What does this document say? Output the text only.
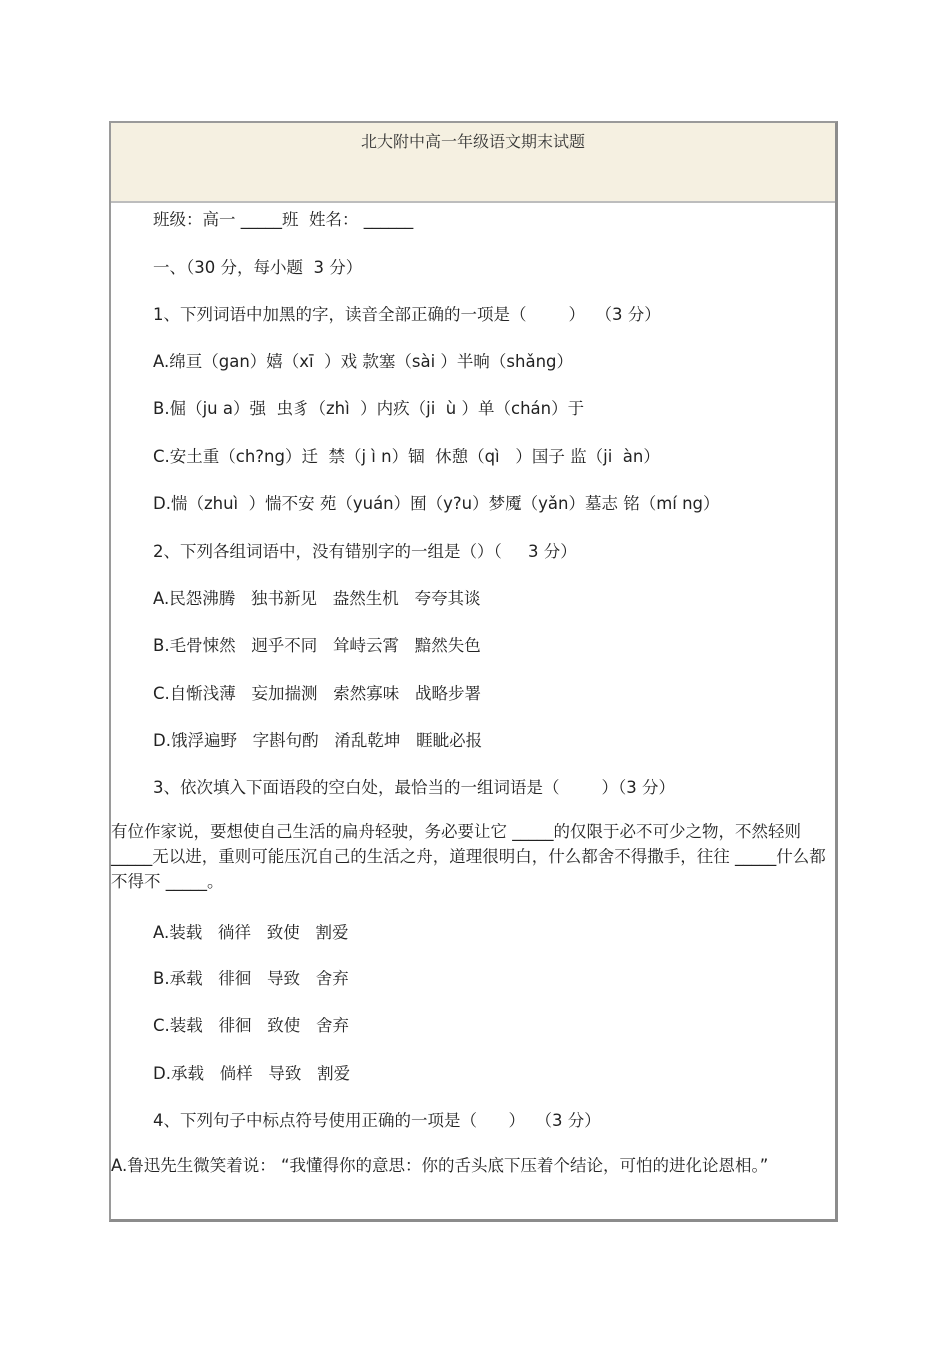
北大附中高一年级语文期末试题
班级：高一 _____班  姓名： ______
一、（30 分，每小题  3 分）
1、下列词语中加黑的字，读音全部正确的一项是（        ）  （3 分）
A.绵亘（gan）嬉（xī  ）戏 款塞（sài ）半晌（shǎng）
B.倔（ju a）强  虫豸（zhì  ）内疚（ji  ù ）单（chán）于
C.安土重（ch?ng）迁  禁（j ì n）锢  休憩（qì   ）国子 监（ji  àn）
D.惴（zhuì  ）惴不安 苑（yuán）囿（y?u）梦魇（yǎn）墓志 铭（mí ng）
2、下列各组词语中，没有错别字的一组是（）（     3 分）
A.民怨沸腾   独书新见   盎然生机   夸夸其谈
B.毛骨悚然   迥乎不同   耸峙云霄   黯然失色
C.自惭浅薄   妄加揣测   索然寡味   战略步署
D.饿浮遍野   字斟句酌   淆乱乾坤   睚眦必报
3、依次填入下面语段的空白处，最恰当的一组词语是（        ）（3 分）
有位作家说，要想使自己生活的扁舟轻驶，务必要让它 _____的仅限于必不可少之物，不然轻则 _____无以进，重则可能压沉自己的生活之舟，道理很明白，什么都舍不得撒手，往往 _____什么都不得不 _____。
A.装载   徜徉   致使   割爱
B.承载   徘徊   导致   舍弃
C.装载   徘徊   致使   舍弃
D.承载   倘样   导致   割爱
4、下列句子中标点符号使用正确的一项是（      ）  （3 分）
A.鲁迅先生微笑着说： “我懂得你的意思：你的舌头底下压着个结论，可怕的进化论恩相。”
